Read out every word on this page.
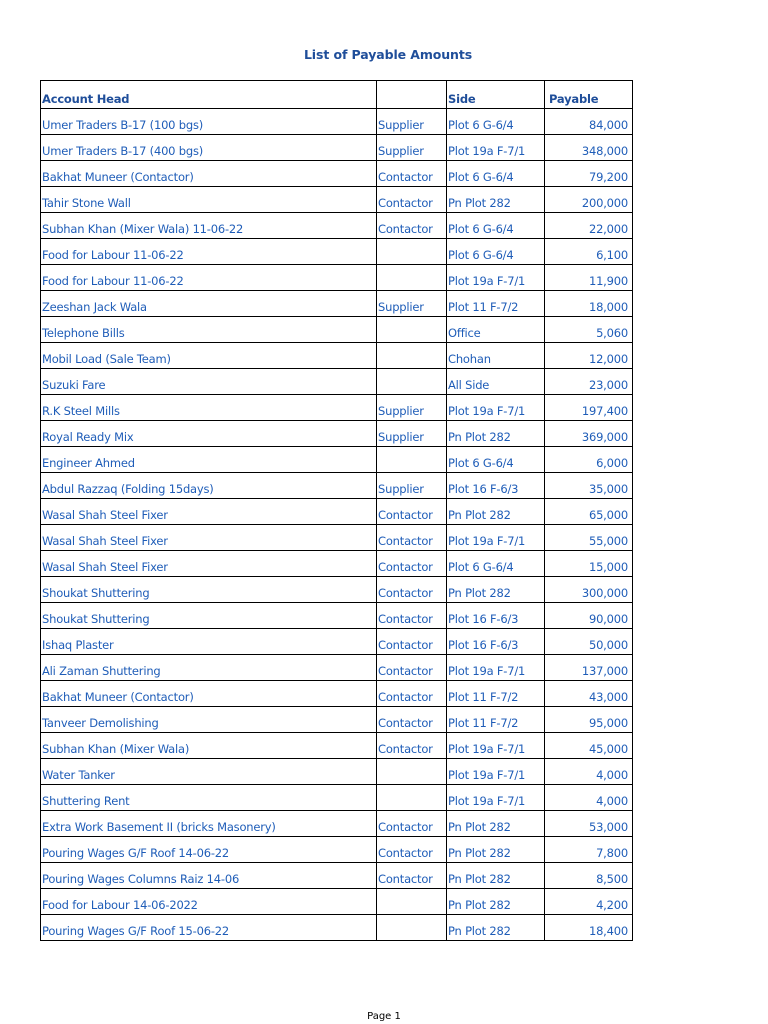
List of Payable Amounts
Account Head		Side	Payable
Umer Traders B-17 (100 bgs)	Supplier	Plot 6 G-6/4	84,000
Umer Traders B-17 (400 bgs)	Supplier	Plot 19a F-7/1	348,000
Bakhat Muneer (Contactor)	Contactor	Plot 6 G-6/4	79,200
Tahir Stone Wall	Contactor	Pn Plot 282	200,000
Subhan Khan (Mixer Wala) 11-06-22	Contactor	Plot 6 G-6/4	22,000
Food for Labour 11-06-22		Plot 6 G-6/4	6,100
Food for Labour 11-06-22		Plot 19a F-7/1	11,900
Zeeshan Jack Wala	Supplier	Plot 11 F-7/2	18,000
Telephone Bills		Office	5,060
Mobil Load (Sale Team)		Chohan	12,000
Suzuki Fare		All Side	23,000
R.K Steel Mills	Supplier	Plot 19a F-7/1	197,400
Royal Ready Mix	Supplier	Pn Plot 282	369,000
Engineer Ahmed		Plot 6 G-6/4	6,000
Abdul Razzaq (Folding 15days)	Supplier	Plot 16 F-6/3	35,000
Wasal Shah Steel Fixer	Contactor	Pn Plot 282	65,000
Wasal Shah Steel Fixer	Contactor	Plot 19a F-7/1	55,000
Wasal Shah Steel Fixer	Contactor	Plot 6 G-6/4	15,000
Shoukat Shuttering	Contactor	Pn Plot 282	300,000
Shoukat Shuttering	Contactor	Plot 16 F-6/3	90,000
Ishaq Plaster	Contactor	Plot 16 F-6/3	50,000
Ali Zaman Shuttering	Contactor	Plot 19a F-7/1	137,000
Bakhat Muneer (Contactor)	Contactor	Plot 11 F-7/2	43,000
Tanveer Demolishing	Contactor	Plot 11 F-7/2	95,000
Subhan Khan (Mixer Wala)	Contactor	Plot 19a F-7/1	45,000
Water Tanker		Plot 19a F-7/1	4,000
Shuttering Rent		Plot 19a F-7/1	4,000
Extra Work Basement II (bricks Masonery)	Contactor	Pn Plot 282	53,000
Pouring Wages G/F Roof 14-06-22	Contactor	Pn Plot 282	7,800
Pouring Wages Columns Raiz 14-06	Contactor	Pn Plot 282	8,500
Food for Labour 14-06-2022		Pn Plot 282	4,200
Pouring Wages G/F Roof 15-06-22		Pn Plot 282	18,400
Page 1
